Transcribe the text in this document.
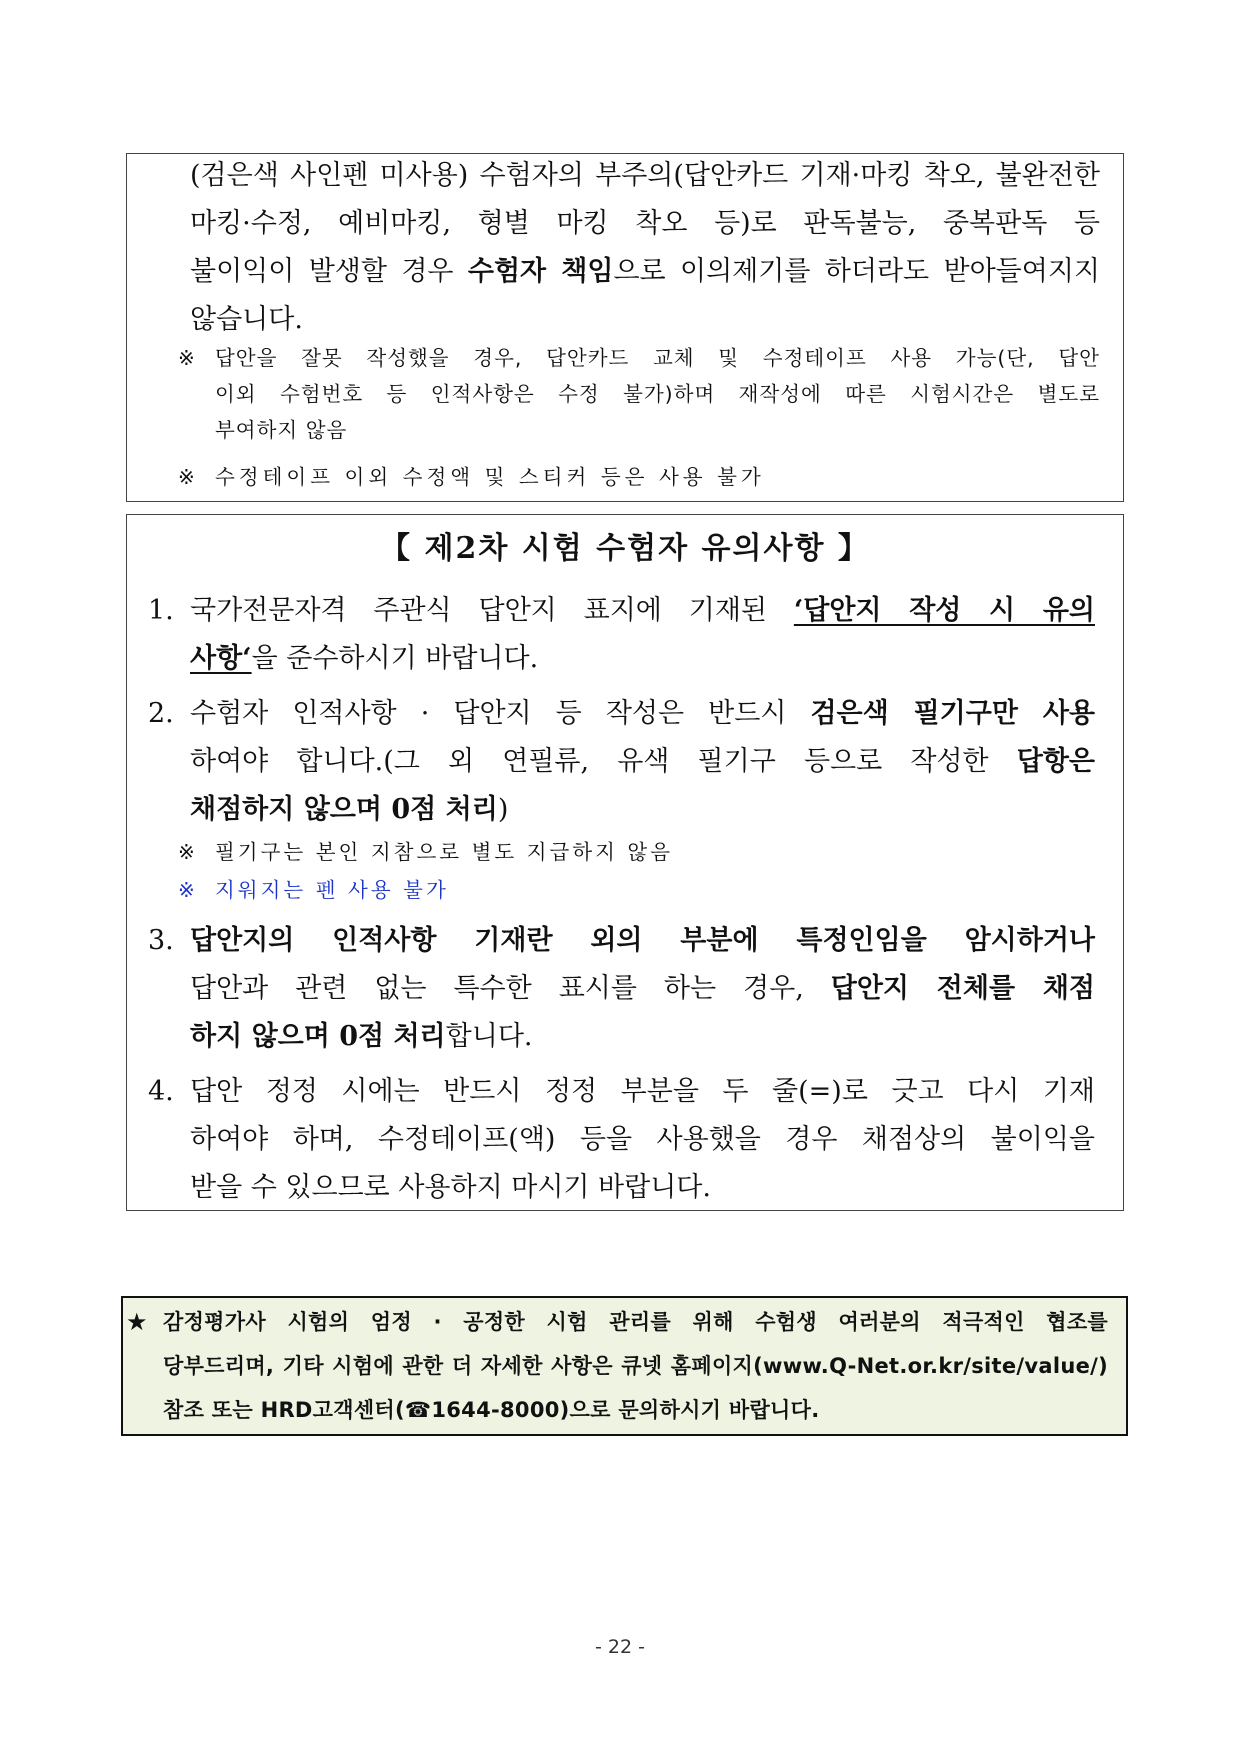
(검은색 사인펜 미사용) 수험자의 부주의(답안카드 기재·마킹 착오, 불완전한
마킹·수정, 예비마킹, 형별 마킹 착오 등)로 판독불능, 중복판독 등
불이익이 발생할 경우 수험자 책임으로 이의제기를 하더라도 받아들여지지
않습니다.
※ 답안을 잘못 작성했을 경우, 답안카드 교체 및 수정테이프 사용 가능(단, 답안
이외 수험번호 등 인적사항은 수정 불가)하며 재작성에 따른 시험시간은 별도로
부여하지 않음
※ 수정테이프 이외 수정액 및 스티커 등은 사용 불가
【 제2차 시험 수험자 유의사항 】
1. 국가전문자격 주관식 답안지 표지에 기재된 ‘답안지 작성 시 유의
사항‘을 준수하시기 바랍니다.
2. 수험자 인적사항 · 답안지 등 작성은 반드시 검은색 필기구만 사용
하여야 합니다.(그 외 연필류, 유색 필기구 등으로 작성한 답항은
채점하지 않으며 0점 처리)
※ 필기구는 본인 지참으로 별도 지급하지 않음
※ 지워지는 펜 사용 불가
3. 답안지의 인적사항 기재란 외의 부분에 특정인임을 암시하거나
답안과 관련 없는 특수한 표시를 하는 경우, 답안지 전체를 채점
하지 않으며 0점 처리합니다.
4. 답안 정정 시에는 반드시 정정 부분을 두 줄(=)로 긋고 다시 기재
하여야 하며, 수정테이프(액) 등을 사용했을 경우 채점상의 불이익을
받을 수 있으므로 사용하지 마시기 바랍니다.
★ 감정평가사 시험의 엄정 · 공정한 시험 관리를 위해 수험생 여러분의 적극적인 협조를
당부드리며, 기타 시험에 관한 더 자세한 사항은 큐넷 홈페이지(www.Q-Net.or.kr/site/value/)
참조 또는 HRD고객센터(☎1644-8000)으로 문의하시기 바랍니다.
- 22 -
